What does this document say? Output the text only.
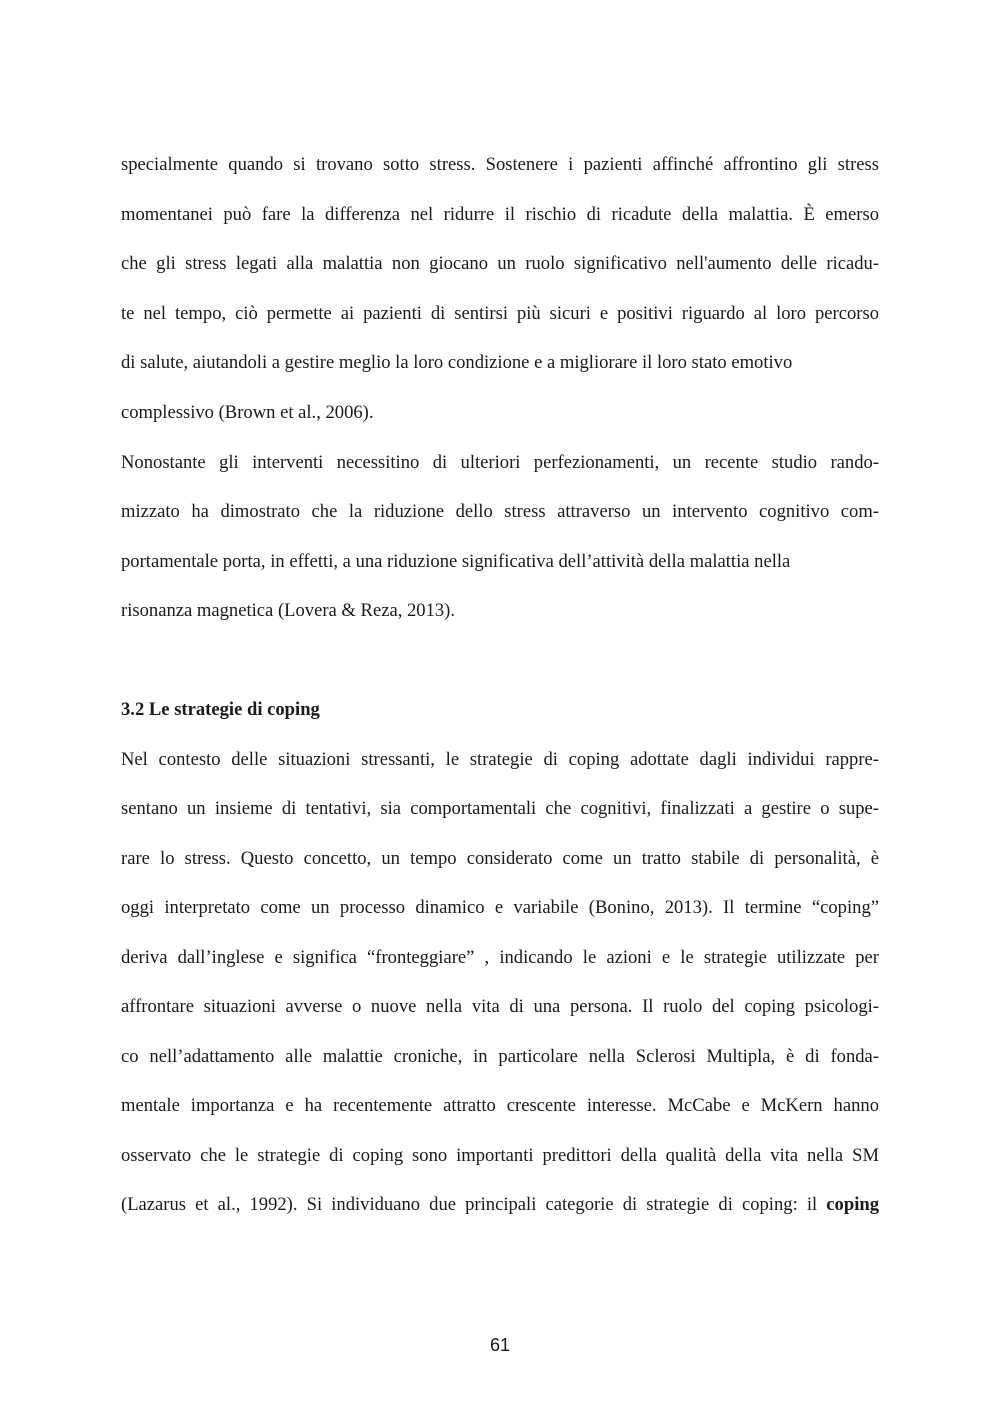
specialmente quando si trovano sotto stress. Sostenere i pazienti affinché affrontino gli stress
momentanei può fare la differenza nel ridurre il rischio di ricadute della malattia. È emerso
che gli stress legati alla malattia non giocano un ruolo significativo nell'aumento delle ricadu-
te nel tempo, ciò permette ai pazienti di sentirsi più sicuri e positivi riguardo al loro percorso
di salute, aiutandoli a gestire meglio la loro condizione e a migliorare il loro stato emotivo
complessivo (Brown et al., 2006).
Nonostante gli interventi necessitino di ulteriori perfezionamenti, un recente studio rando-
mizzato ha dimostrato che la riduzione dello stress attraverso un intervento cognitivo com-
portamentale porta, in effetti, a una riduzione significativa dell’attività della malattia nella
risonanza magnetica (Lovera & Reza, 2013).
3.2 Le strategie di coping
Nel contesto delle situazioni stressanti, le strategie di coping adottate dagli individui rappre-
sentano un insieme di tentativi, sia comportamentali che cognitivi, finalizzati a gestire o supe-
rare lo stress. Questo concetto, un tempo considerato come un tratto stabile di personalità, è
oggi interpretato come un processo dinamico e variabile (Bonino, 2013). Il termine “coping”
deriva dall’inglese e significa “fronteggiare” , indicando le azioni e le strategie utilizzate per
affrontare situazioni avverse o nuove nella vita di una persona. Il ruolo del coping psicologi-
co nell’adattamento alle malattie croniche, in particolare nella Sclerosi Multipla, è di fonda-
mentale importanza e ha recentemente attratto crescente interesse. McCabe e McKern hanno
osservato che le strategie di coping sono importanti predittori della qualità della vita nella SM
(Lazarus et al., 1992). Si individuano due principali categorie di strategie di coping: il coping
61
